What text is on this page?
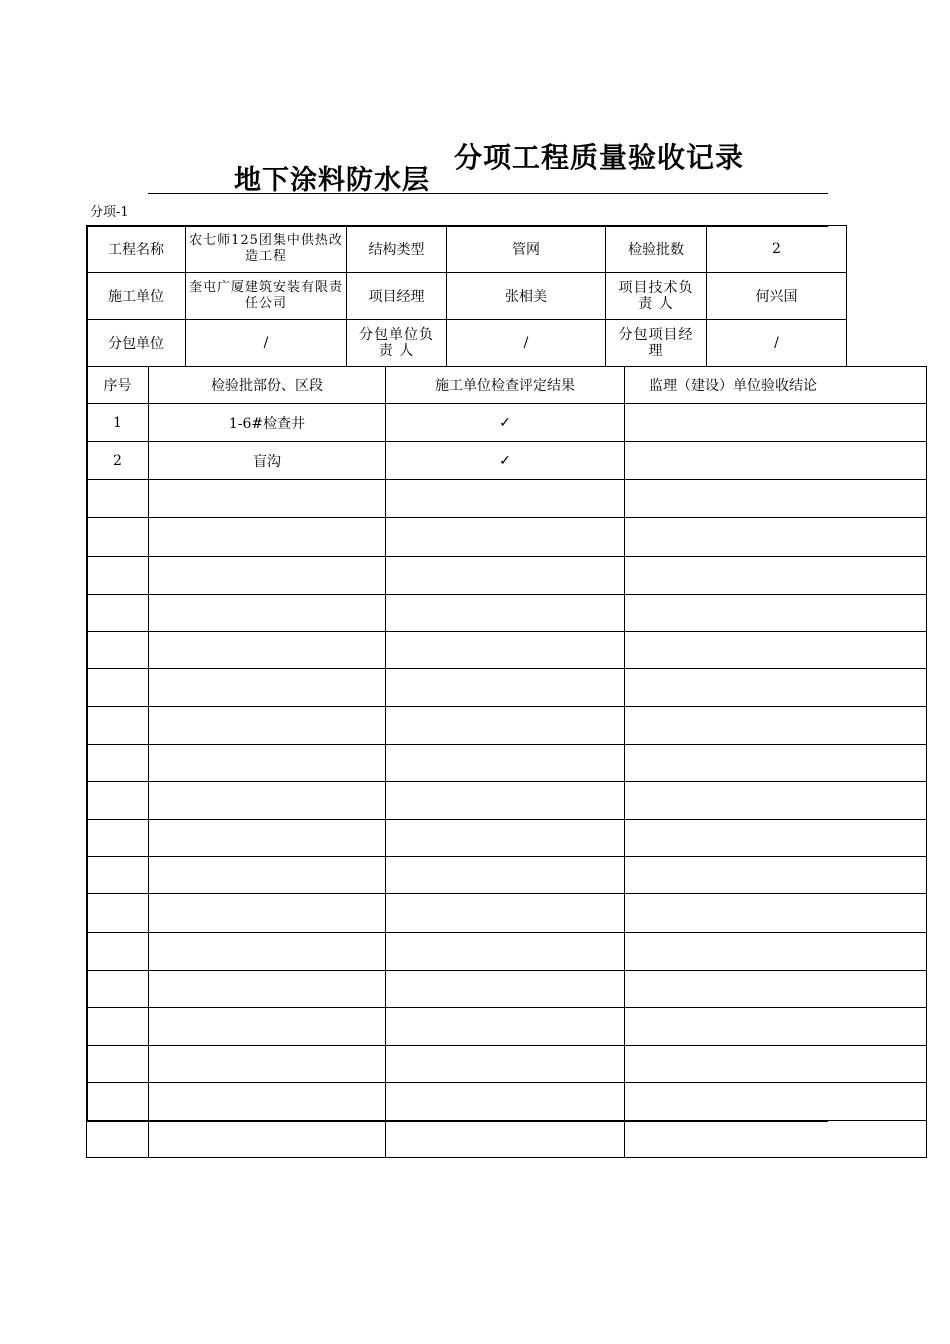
地下涂料防水层
分项工程质量验收记录
分项-1
工程名称	农七师125团集中供热改造工程	结构类型	管网	检验批数	2
施工单位	奎屯广厦建筑安装有限责任公司	项目经理	张相美	项目技术负 责 人	何兴国
分包单位	/	分包单位负 责 人	/	分包项目经　　理	/
序号	检验批部份、区段	施工单位检查评定结果	监理（建设）单位验收结论
1	1-6#检查井	✓	
2	盲沟	✓	
